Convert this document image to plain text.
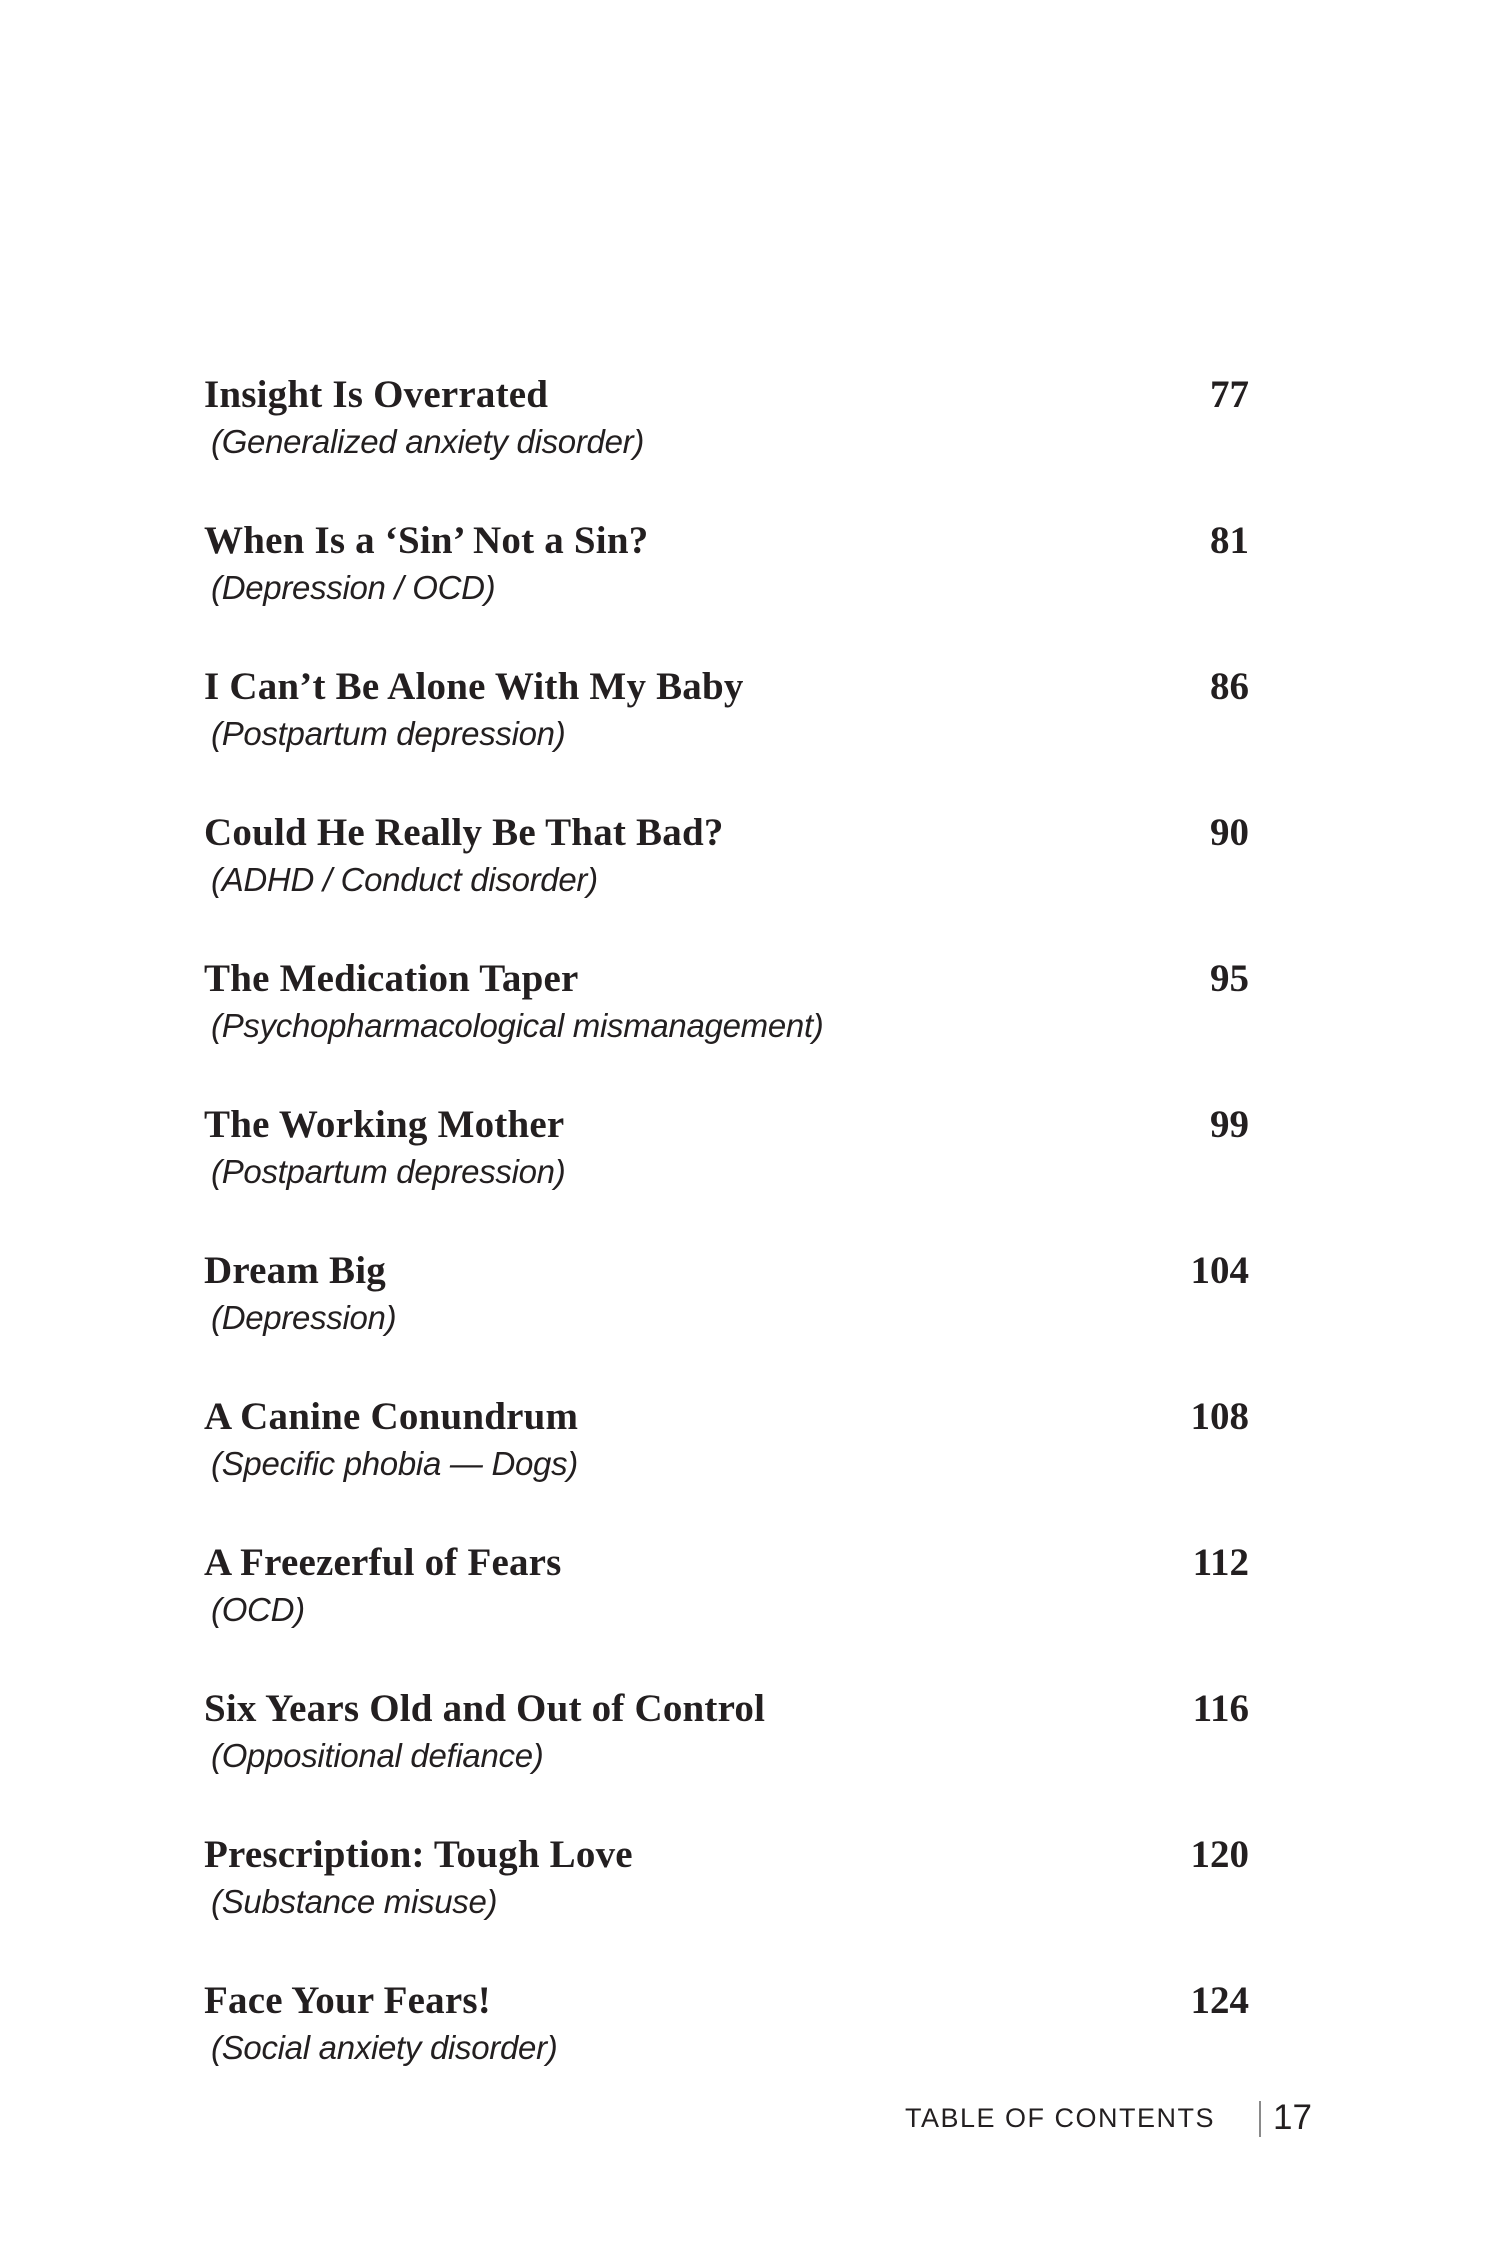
Insight Is Overrated	77
(Generalized anxiety disorder)
When Is a ‘Sin’ Not a Sin?	81
(Depression / OCD)
I Can’t Be Alone With My Baby	86
(Postpartum depression)
Could He Really Be That Bad?	90
(ADHD / Conduct disorder)
The Medication Taper	95
(Psychopharmacological mismanagement)
The Working Mother	99
(Postpartum depression)
Dream Big	104
(Depression)
A Canine Conundrum	108
(Specific phobia — Dogs)
A Freezerful of Fears	112
(OCD)
Six Years Old and Out of Control	116
(Oppositional defiance)
Prescription: Tough Love	120
(Substance misuse)
Face Your Fears!	124
(Social anxiety disorder)
TABLE OF CONTENTS 17
